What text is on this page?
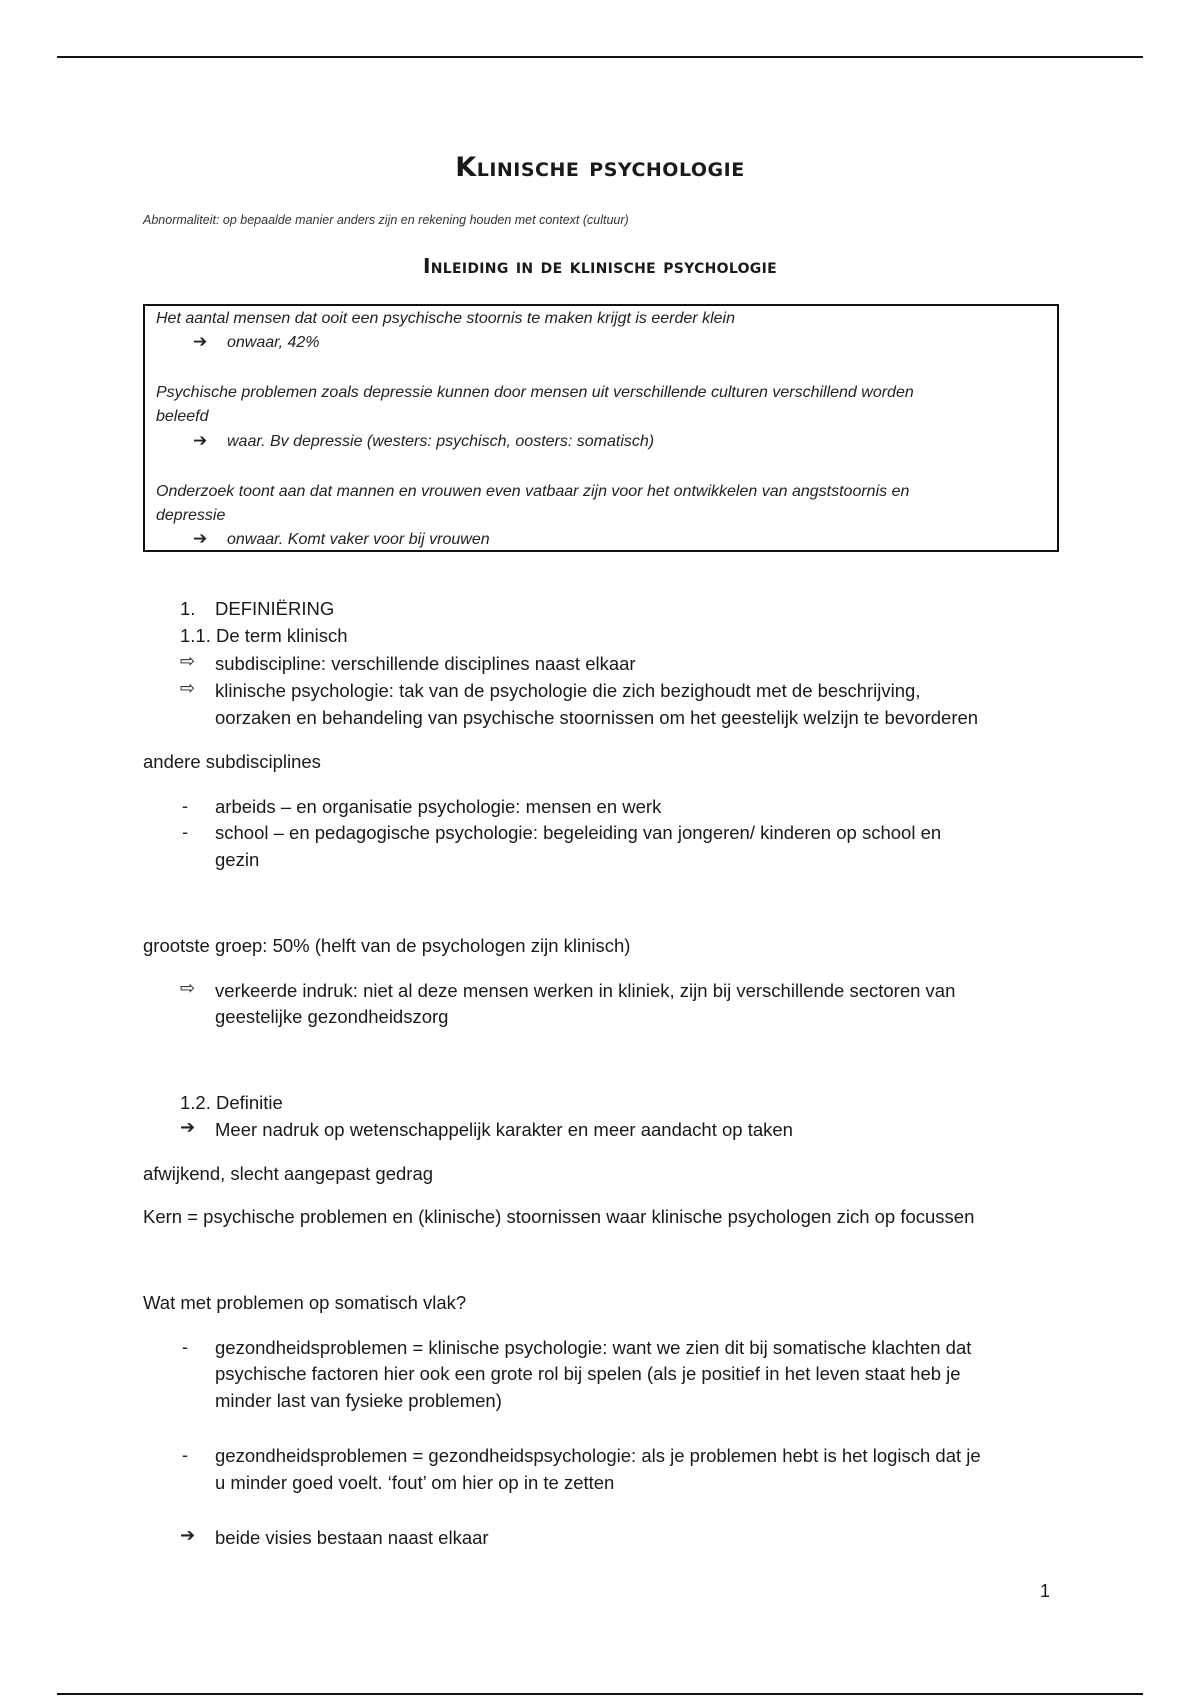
Klinische psychologie
Abnormaliteit: op bepaalde manier anders zijn en rekening houden met context (cultuur)
Inleiding in de klinische psychologie
Het aantal mensen dat ooit een psychische stoornis te maken krijgt is eerder klein
➔ onwaar, 42%
Psychische problemen zoals depressie kunnen door mensen uit verschillende culturen verschillend worden
beleefd
➔ waar. Bv depressie (westers: psychisch, oosters: somatisch)
Onderzoek toont aan dat mannen en vrouwen even vatbaar zijn voor het ontwikkelen van angststoornis en
depressie
➔ onwaar. Komt vaker voor bij vrouwen
1. DEFINIËRING
1.1. De term klinisch
⇨ subdiscipline: verschillende disciplines naast elkaar
⇨ klinische psychologie: tak van de psychologie die zich bezighoudt met de beschrijving,
oorzaken en behandeling van psychische stoornissen om het geestelijk welzijn te bevorderen
andere subdisciplines
- arbeids – en organisatie psychologie: mensen en werk
- school – en pedagogische psychologie: begeleiding van jongeren/ kinderen op school en
gezin
grootste groep: 50% (helft van de psychologen zijn klinisch)
⇨ verkeerde indruk: niet al deze mensen werken in kliniek, zijn bij verschillende sectoren van
geestelijke gezondheidszorg
1.2. Definitie
➔ Meer nadruk op wetenschappelijk karakter en meer aandacht op taken
afwijkend, slecht aangepast gedrag
Kern = psychische problemen en (klinische) stoornissen waar klinische psychologen zich op focussen
Wat met problemen op somatisch vlak?
- gezondheidsproblemen = klinische psychologie: want we zien dit bij somatische klachten dat
psychische factoren hier ook een grote rol bij spelen (als je positief in het leven staat heb je
minder last van fysieke problemen)
- gezondheidsproblemen = gezondheidspsychologie: als je problemen hebt is het logisch dat je
u minder goed voelt. ‘fout’ om hier op in te zetten
➔ beide visies bestaan naast elkaar
1
